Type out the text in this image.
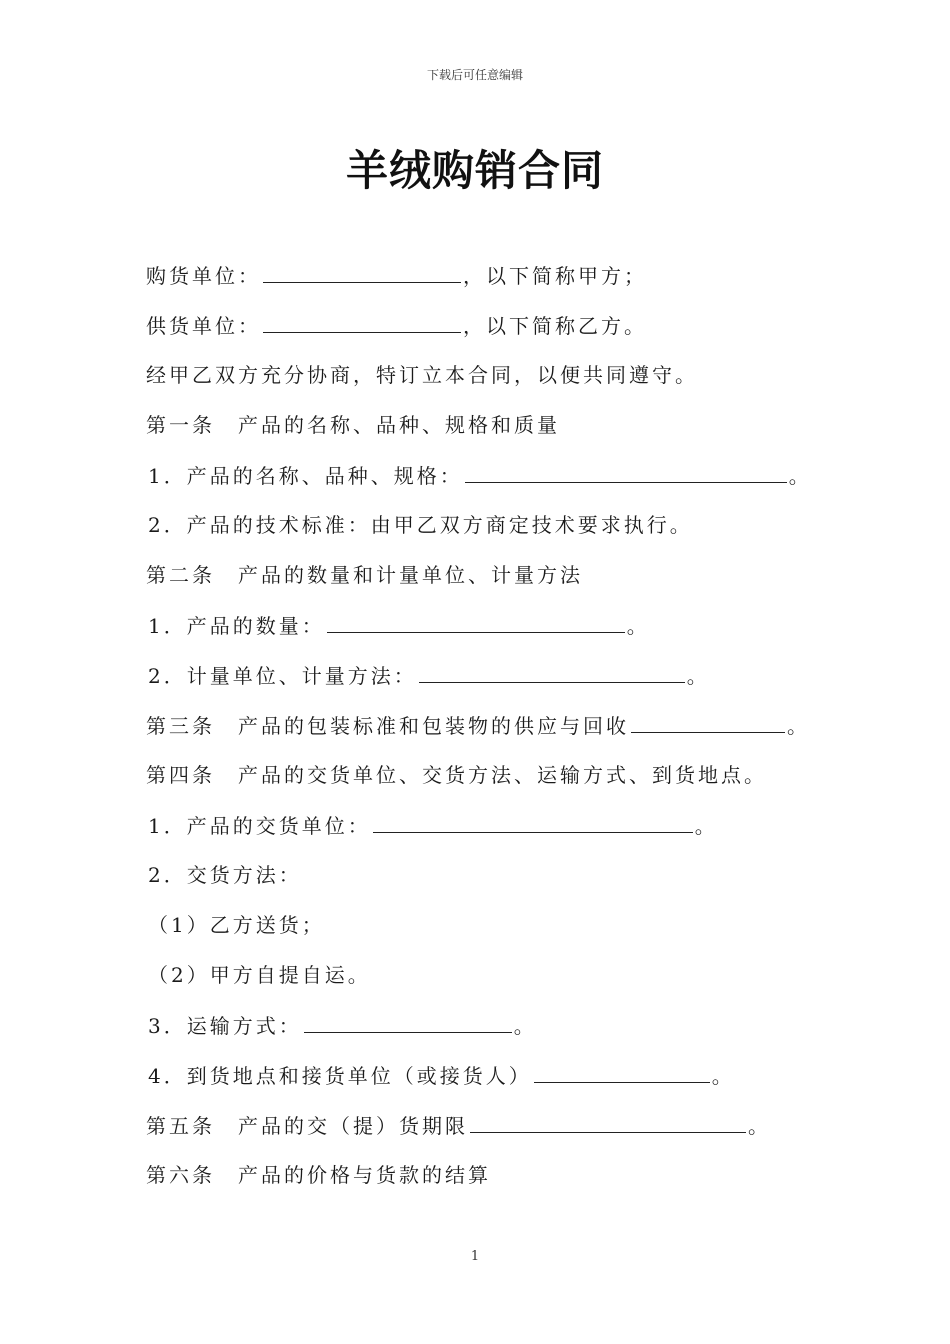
下载后可任意编辑
羊绒购销合同
购货单位：	，以下简称甲方；
供货单位：	，以下简称乙方。
经甲乙双方充分协商，特订立本合同，以便共同遵守。
第一条　产品的名称、品种、规格和质量
1．产品的名称、品种、规格：	。
2．产品的技术标准：由甲乙双方商定技术要求执行。
第二条　产品的数量和计量单位、计量方法
1．产品的数量：	。
2．计量单位、计量方法：	。
第三条　产品的包装标准和包装物的供应与回收	。
第四条　产品的交货单位、交货方法、运输方式、到货地点。
1．产品的交货单位：	。
2．交货方法：
（1）乙方送货；
（2）甲方自提自运。
3．运输方式：	。
4．到货地点和接货单位（或接货人）	。
第五条　产品的交（提）货期限	。
第六条　产品的价格与货款的结算
1
